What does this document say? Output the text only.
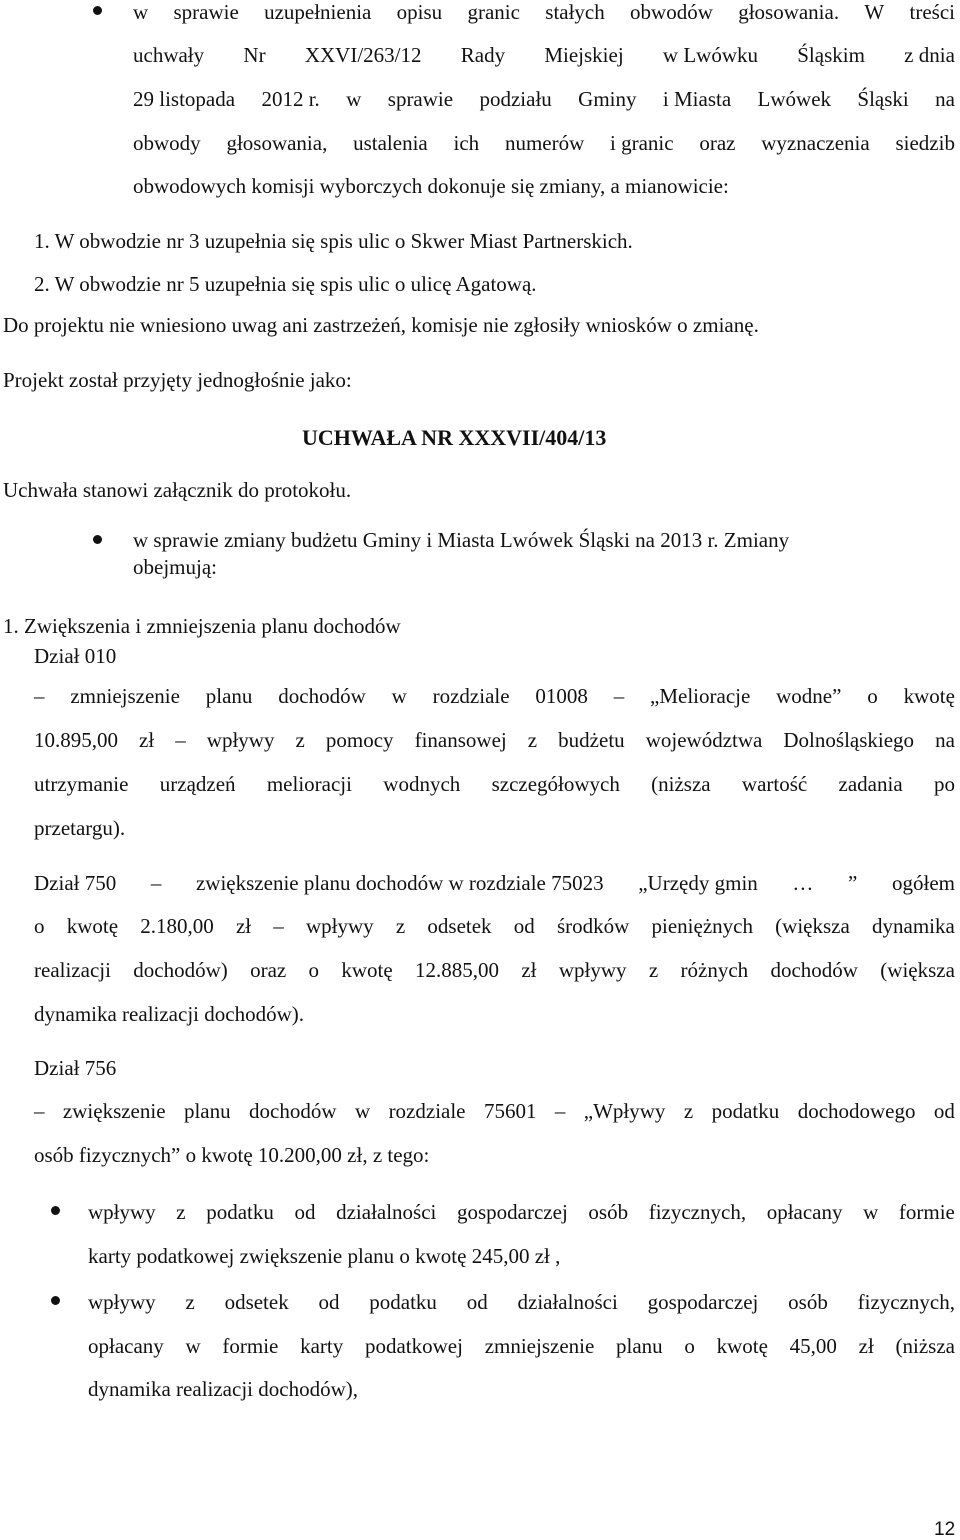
w sprawie uzupełnienia opisu granic stałych obwodów głosowania. W treści
uchwały Nr XXVI/263/12 Rady Miejskiej w Lwówku Śląskim z dnia
29 listopada 2012 r. w sprawie podziału Gminy i Miasta Lwówek Śląski na
obwody głosowania, ustalenia ich numerów i granic oraz wyznaczenia siedzib
obwodowych komisji wyborczych dokonuje się zmiany, a mianowicie:
1. W obwodzie nr 3 uzupełnia się spis ulic o Skwer Miast Partnerskich.
2. W obwodzie nr 5 uzupełnia się spis ulic o ulicę Agatową.
Do projektu nie wniesiono uwag ani zastrzeżeń, komisje nie zgłosiły wniosków o zmianę.
Projekt został przyjęty jednogłośnie jako:
UCHWAŁA NR XXXVII/404/13
Uchwała stanowi załącznik do protokołu.
w sprawie zmiany budżetu Gminy i Miasta Lwówek Śląski na 2013 r. Zmiany
obejmują:
1. Zwiększenia i zmniejszenia planu dochodów
Dział 010
– zmniejszenie planu dochodów w rozdziale 01008 – „Melioracje wodne” o kwotę
10.895,00 zł – wpływy z pomocy finansowej z budżetu województwa Dolnośląskiego na
utrzymanie urządzeń melioracji wodnych szczegółowych (niższa wartość zadania po
przetargu).
Dział 750 – zwiększenie planu dochodów w rozdziale 75023 „Urzędy gmin … ” ogółem
o kwotę 2.180,00 zł – wpływy z odsetek od środków pieniężnych (większa dynamika
realizacji dochodów) oraz o kwotę 12.885,00 zł wpływy z różnych dochodów (większa
dynamika realizacji dochodów).
Dział 756
– zwiększenie planu dochodów w rozdziale 75601 – „Wpływy z podatku dochodowego od
osób fizycznych” o kwotę 10.200,00 zł, z tego:
wpływy z podatku od działalności gospodarczej osób fizycznych, opłacany w formie
karty podatkowej zwiększenie planu o kwotę 245,00 zł ,
wpływy z odsetek od podatku od działalności gospodarczej osób fizycznych,
opłacany w formie karty podatkowej zmniejszenie planu o kwotę 45,00 zł (niższa
dynamika realizacji dochodów),
12
